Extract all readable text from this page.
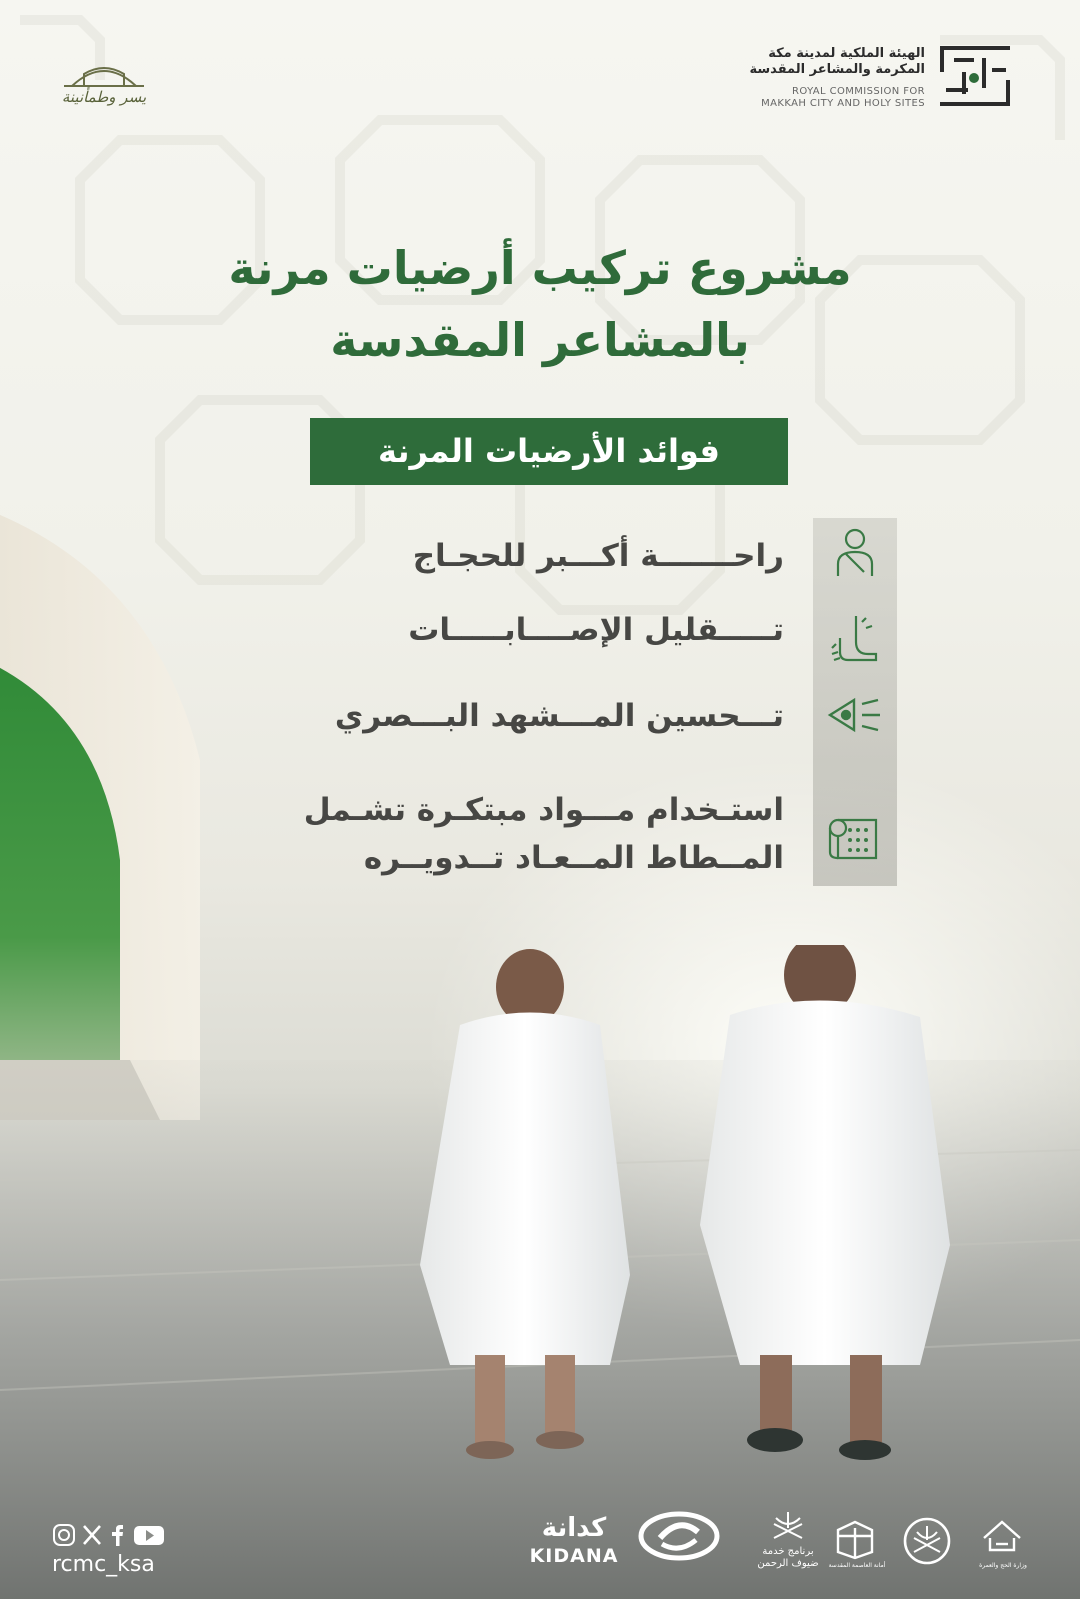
الهيئة الملكية لمدينة مكة
المكرمة والمشاعر المقدسة
ROYAL COMMISSION FOR
MAKKAH CITY AND HOLY SITES
يسر وطمأنينة
مشروع تركيب أرضيات مرنة
بالمشاعر المقدسة
فوائد الأرضيات المرنة
راحـــــــة أكـــبر للحجـاج
تـــــقليل الإصــــابـــــات
تـــحسين المـــشهد البـــصري
استـخدام مـــواد مبتكـرة تشـمل
المــطاط المــعـاد تــدويــره
rcmc_ksa
كدانة
KIDANA	برنامج خدمة
ضيوف الرحمن	أمانة العاصمة المقدسة	وزارة الحج والعمرة
